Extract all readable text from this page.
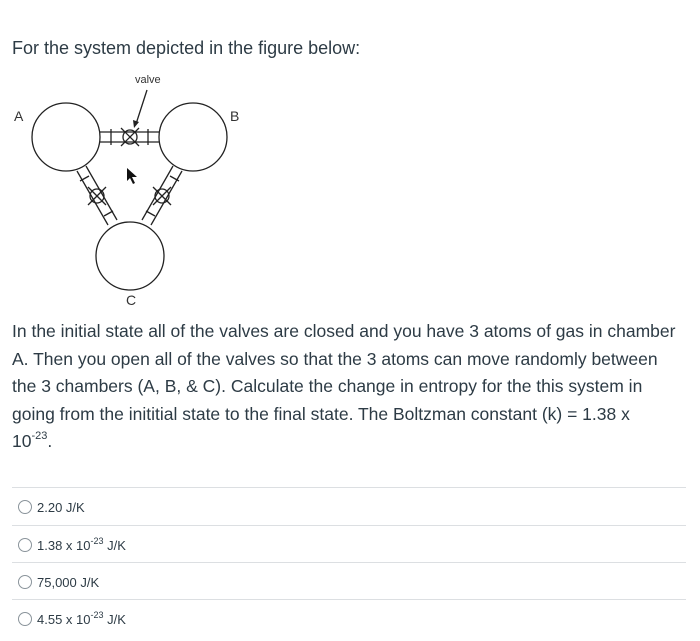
For the system depicted in the figure below:
valve
A	B
C
In the initial state all of the valves are closed and you have 3 atoms of gas in chamber
A. Then you open all of the valves so that the 3 atoms can move randomly between
the 3 chambers (A, B, & C). Calculate the change in entropy for the this system in
going from the inititial state to the final state. The Boltzman constant (k) = 1.38 x
$10^{-23}$.
2.20 J/K
1.38 x $10^{-23}$ J/K
75,000 J/K
4.55 x $10^{-23}$ J/K
